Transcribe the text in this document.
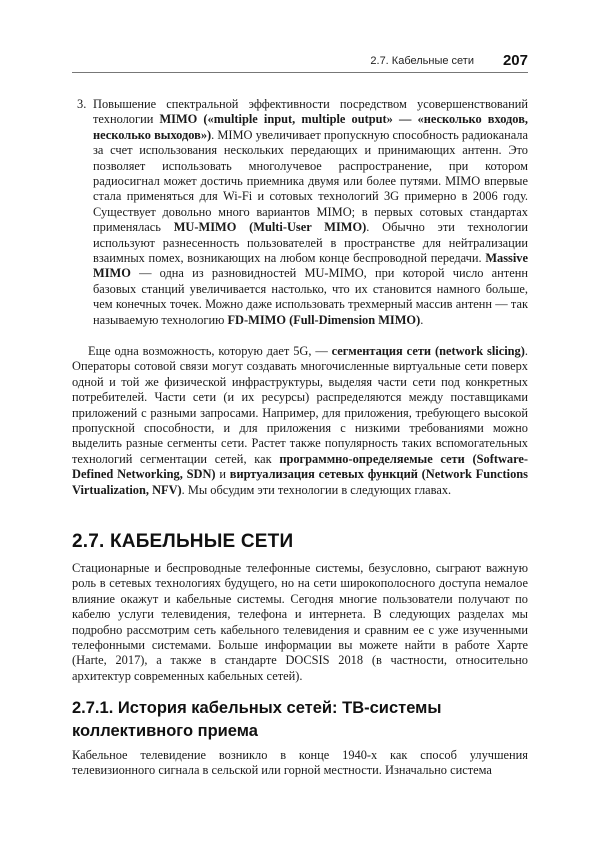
2.7. Кабельные сети 207
3. Повышение спектральной эффективности посредством усовершенствований технологии MIMO («multiple input, multiple output» — «несколько входов, несколько выходов»). MIMO увеличивает пропускную способность радиоканала за счет использования нескольких передающих и принимающих антенн. Это позволяет использовать многолучевое распространение, при котором радиосигнал может достичь приемника двумя или более путями. MIMO впервые стала применяться для Wi-Fi и сотовых технологий 3G примерно в 2006 году. Существует довольно много вариантов MIMO; в первых сотовых стандартах применялась MU-MIMO (Multi-User MIMO). Обычно эти технологии используют разнесенность пользователей в пространстве для нейтрализации взаимных помех, возникающих на любом конце беспроводной передачи. Massive MIMO — одна из разновидностей MU-MIMO, при которой число антенн базовых станций увеличивается настолько, что их становится намного больше, чем конечных точек. Можно даже использовать трехмерный массив антенн — так называемую технологию FD-MIMO (Full-Dimension MIMO).

Еще одна возможность, которую дает 5G, — сегментация сети (network slicing). Операторы сотовой связи могут создавать многочисленные виртуальные сети поверх одной и той же физической инфраструктуры, выделяя части сети под конкретных потребителей. Части сети (и их ресурсы) распределяются между поставщиками приложений с разными запросами. Например, для приложения, требующего высокой пропускной способности, и для приложения с низкими требованиями можно выделить разные сегменты сети. Растет также популярность таких вспомогательных технологий сегментации сетей, как программно-определяемые сети (Software-Defined Networking, SDN) и виртуализация сетевых функций (Network Functions Virtualization, NFV). Мы обсудим эти технологии в следующих главах.

2.7. КАБЕЛЬНЫЕ СЕТИ

Стационарные и беспроводные телефонные системы, безусловно, сыграют важную роль в сетевых технологиях будущего, но на сети широкополосного доступа немалое влияние окажут и кабельные системы. Сегодня многие пользователи получают по кабелю услуги телевидения, телефона и интернета. В следующих разделах мы подробно рассмотрим сеть кабельного телевидения и сравним ее с уже изученными телефонными системами. Больше информации вы можете найти в работе Харте (Harte, 2017), а также в стандарте DOCSIS 2018 (в частности, относительно архитектур современных кабельных сетей).

2.7.1. История кабельных сетей: ТВ-системы коллективного приема

Кабельное телевидение возникло в конце 1940-х как способ улучшения телевизионного сигнала в сельской или горной местности. Изначально система
